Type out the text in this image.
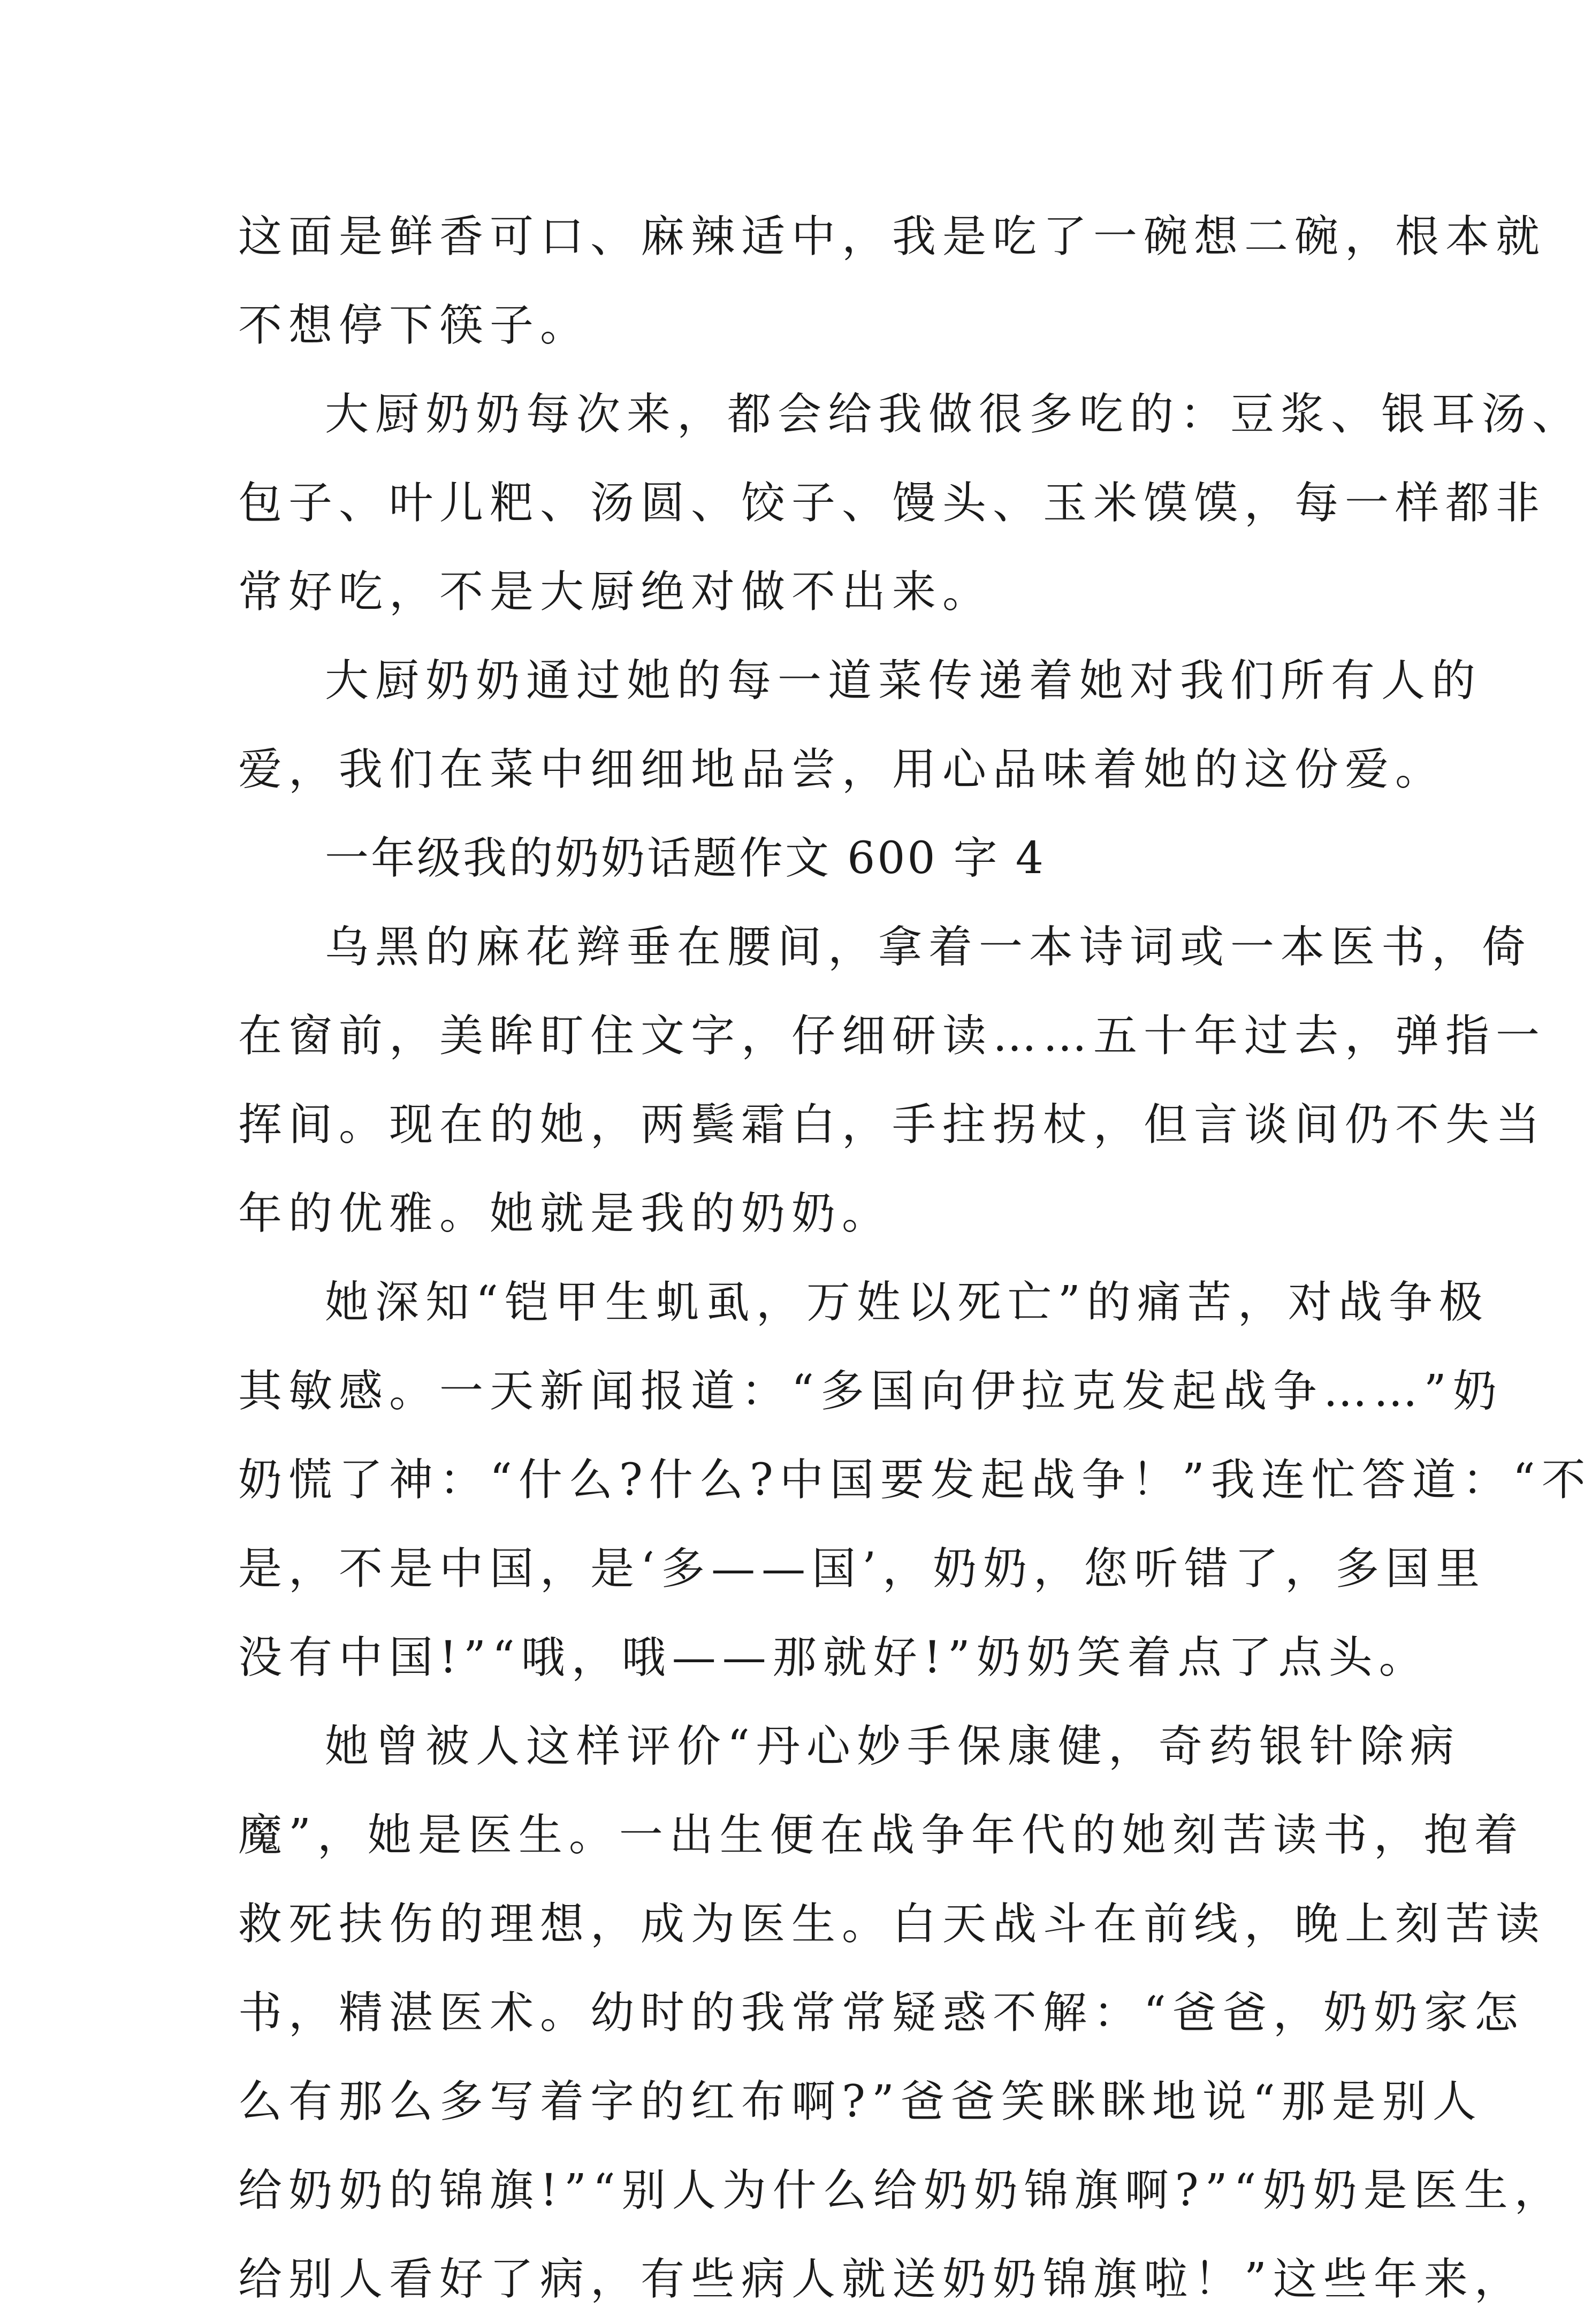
这面是鲜香可口、麻辣适中，我是吃了一碗想二碗，根本就
不想停下筷子。
大厨奶奶每次来，都会给我做很多吃的：豆浆、银耳汤、
包子、叶儿粑、汤圆、饺子、馒头、玉米馍馍，每一样都非
常好吃，不是大厨绝对做不出来。
大厨奶奶通过她的每一道菜传递着她对我们所有人的
爱，我们在菜中细细地品尝，用心品味着她的这份爱。
一年级我的奶奶话题作文 600 字 4
乌黑的麻花辫垂在腰间，拿着一本诗词或一本医书，倚
在窗前，美眸盯住文字，仔细研读……五十年过去，弹指一
挥间。现在的她，两鬓霜白，手拄拐杖，但言谈间仍不失当
年的优雅。她就是我的奶奶。
她深知“铠甲生虮虱，万姓以死亡”的痛苦，对战争极
其敏感。一天新闻报道：“多国向伊拉克发起战争……”奶
奶慌了神：“什么?什么?中国要发起战争！”我连忙答道：“不
是，不是中国，是‘多——国’，奶奶，您听错了，多国里
没有中国!”“哦，哦——那就好!”奶奶笑着点了点头。
她曾被人这样评价“丹心妙手保康健，奇药银针除病
魔”，她是医生。一出生便在战争年代的她刻苦读书，抱着
救死扶伤的理想，成为医生。白天战斗在前线，晚上刻苦读
书，精湛医术。幼时的我常常疑惑不解：“爸爸，奶奶家怎
么有那么多写着字的红布啊?”爸爸笑眯眯地说“那是别人
给奶奶的锦旗!”“别人为什么给奶奶锦旗啊?”“奶奶是医生，
给别人看好了病，有些病人就送奶奶锦旗啦！”这些年来，
